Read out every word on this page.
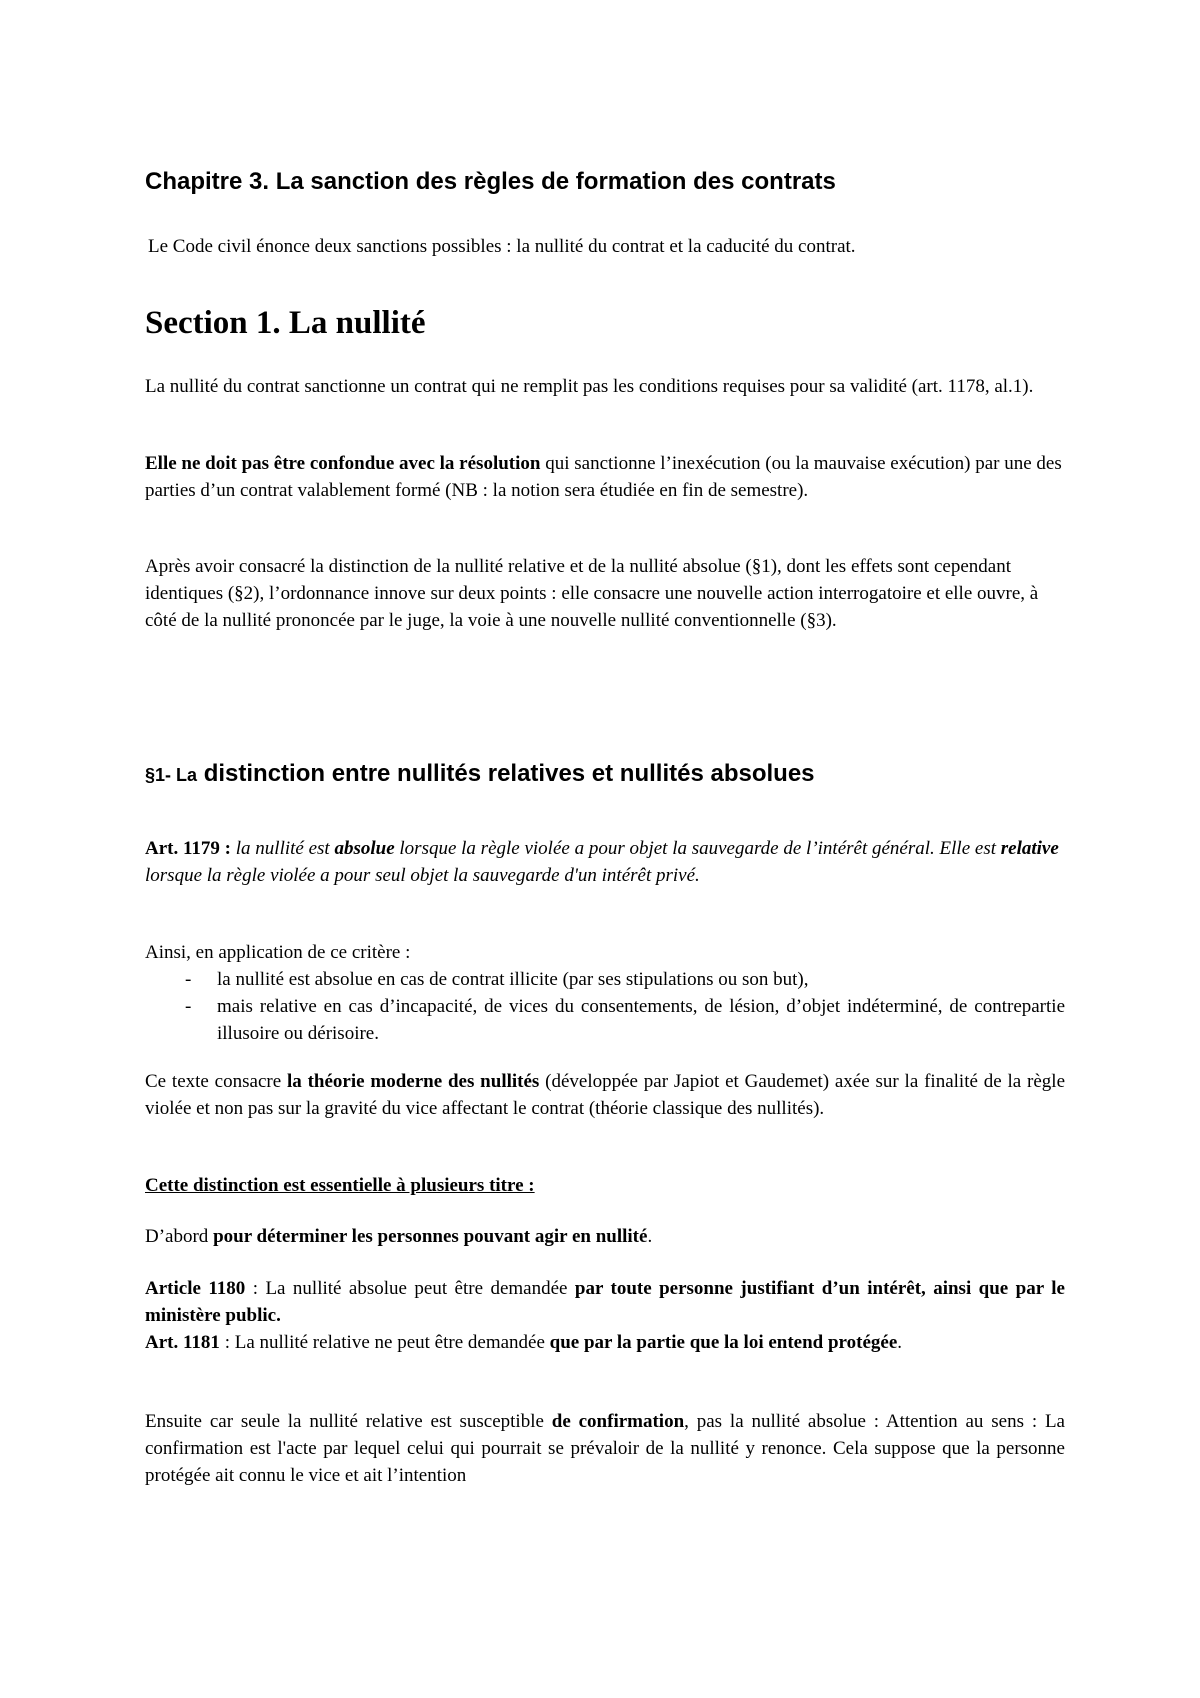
Chapitre 3. La sanction des règles de formation des contrats
Le Code civil énonce deux sanctions possibles : la nullité du contrat et la caducité du contrat.
Section 1. La nullité
La nullité du contrat sanctionne un contrat qui ne remplit pas les conditions requises pour sa validité (art. 1178, al.1).
Elle ne doit pas être confondue avec la résolution qui sanctionne l’inexécution (ou la mauvaise exécution) par une des parties d’un contrat valablement formé (NB : la notion sera étudiée en fin de semestre).
Après avoir consacré la distinction de la nullité relative et de la nullité absolue (§1), dont les effets sont cependant identiques (§2), l’ordonnance innove sur deux points : elle consacre une nouvelle action interrogatoire et elle ouvre, à côté de la nullité prononcée par le juge, la voie à une nouvelle nullité conventionnelle (§3).
§1- La distinction entre nullités relatives et nullités absolues
Art. 1179 : la nullité est absolue lorsque la règle violée a pour objet la sauvegarde de l’intérêt général. Elle est relative lorsque la règle violée a pour seul objet la sauvegarde d'un intérêt privé.
Ainsi, en application de ce critère :
- la nullité est absolue en cas de contrat illicite (par ses stipulations ou son but),
- mais relative en cas d’incapacité, de vices du consentements, de lésion, d’objet indéterminé, de contrepartie illusoire ou dérisoire.
Ce texte consacre la théorie moderne des nullités (développée par Japiot et Gaudemet) axée sur la finalité de la règle violée et non pas sur la gravité du vice affectant le contrat (théorie classique des nullités).
Cette distinction est essentielle à plusieurs titre :
D’abord pour déterminer les personnes pouvant agir en nullité.
Article 1180 : La nullité absolue peut être demandée par toute personne justifiant d’un intérêt, ainsi que par le ministère public.
Art. 1181 : La nullité relative ne peut être demandée que par la partie que la loi entend protégée.
Ensuite car seule la nullité relative est susceptible de confirmation, pas la nullité absolue : Attention au sens : La confirmation est l'acte par lequel celui qui pourrait se prévaloir de la nullité y renonce. Cela suppose que la personne protégée ait connu le vice et ait l’intention
